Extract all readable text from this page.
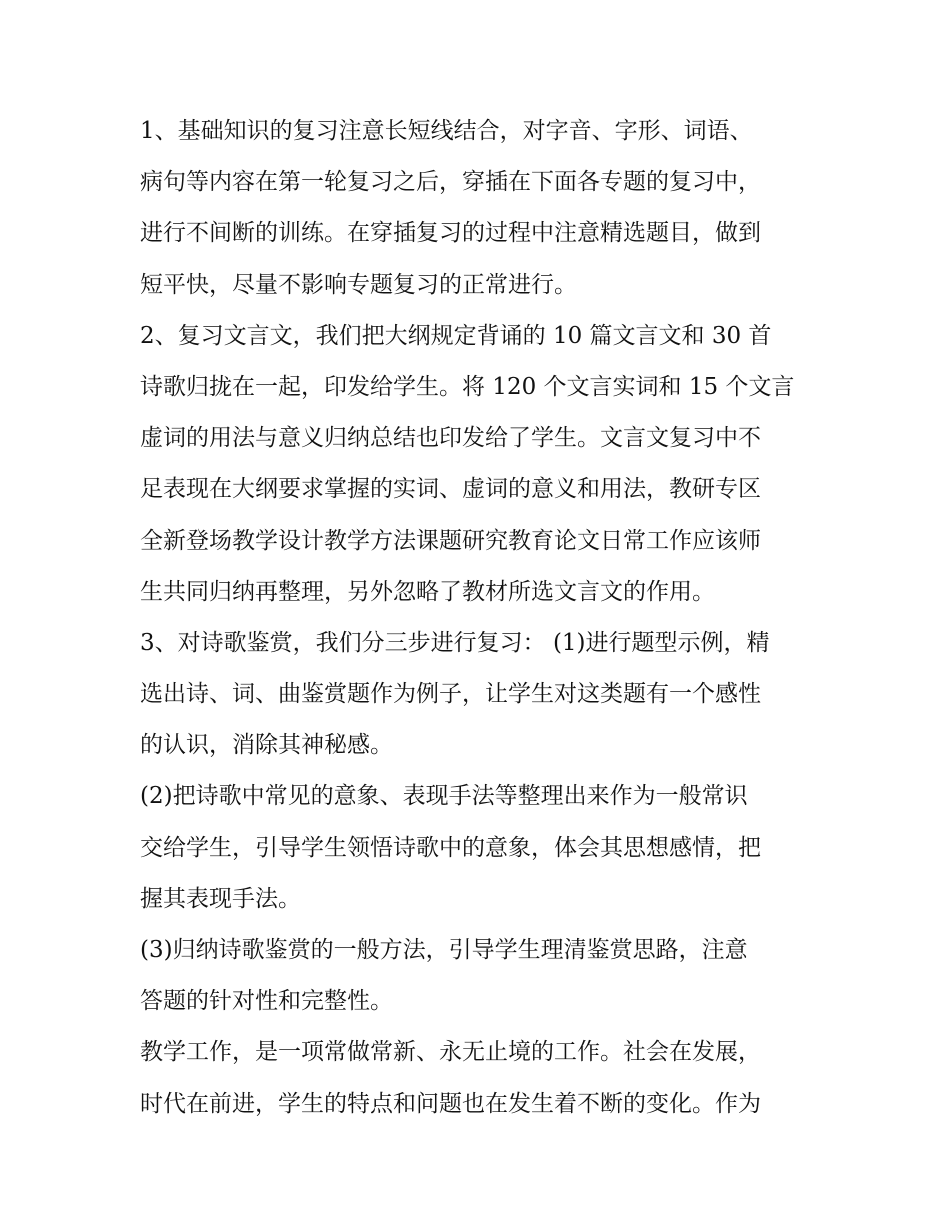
1、基础知识的复习注意长短线结合，对字音、字形、词语、
病句等内容在第一轮复习之后，穿插在下面各专题的复习中，
进行不间断的训练。在穿插复习的过程中注意精选题目，做到
短平快，尽量不影响专题复习的正常进行。
2、复习文言文，我们把大纲规定背诵的 10 篇文言文和 30 首
诗歌归拢在一起，印发给学生。将 120 个文言实词和 15 个文言
虚词的用法与意义归纳总结也印发给了学生。文言文复习中不
足表现在大纲要求掌握的实词、虚词的意义和用法，教研专区
全新登场教学设计教学方法课题研究教育论文日常工作应该师
生共同归纳再整理，另外忽略了教材所选文言文的作用。
3、对诗歌鉴赏，我们分三步进行复习： (1)进行题型示例，精
选出诗、词、曲鉴赏题作为例子，让学生对这类题有一个感性
的认识，消除其神秘感。
(2)把诗歌中常见的意象、表现手法等整理出来作为一般常识
交给学生，引导学生领悟诗歌中的意象，体会其思想感情，把
握其表现手法。
(3)归纳诗歌鉴赏的一般方法，引导学生理清鉴赏思路，注意
答题的针对性和完整性。
教学工作，是一项常做常新、永无止境的工作。社会在发展，
时代在前进，学生的特点和问题也在发生着不断的变化。作为
